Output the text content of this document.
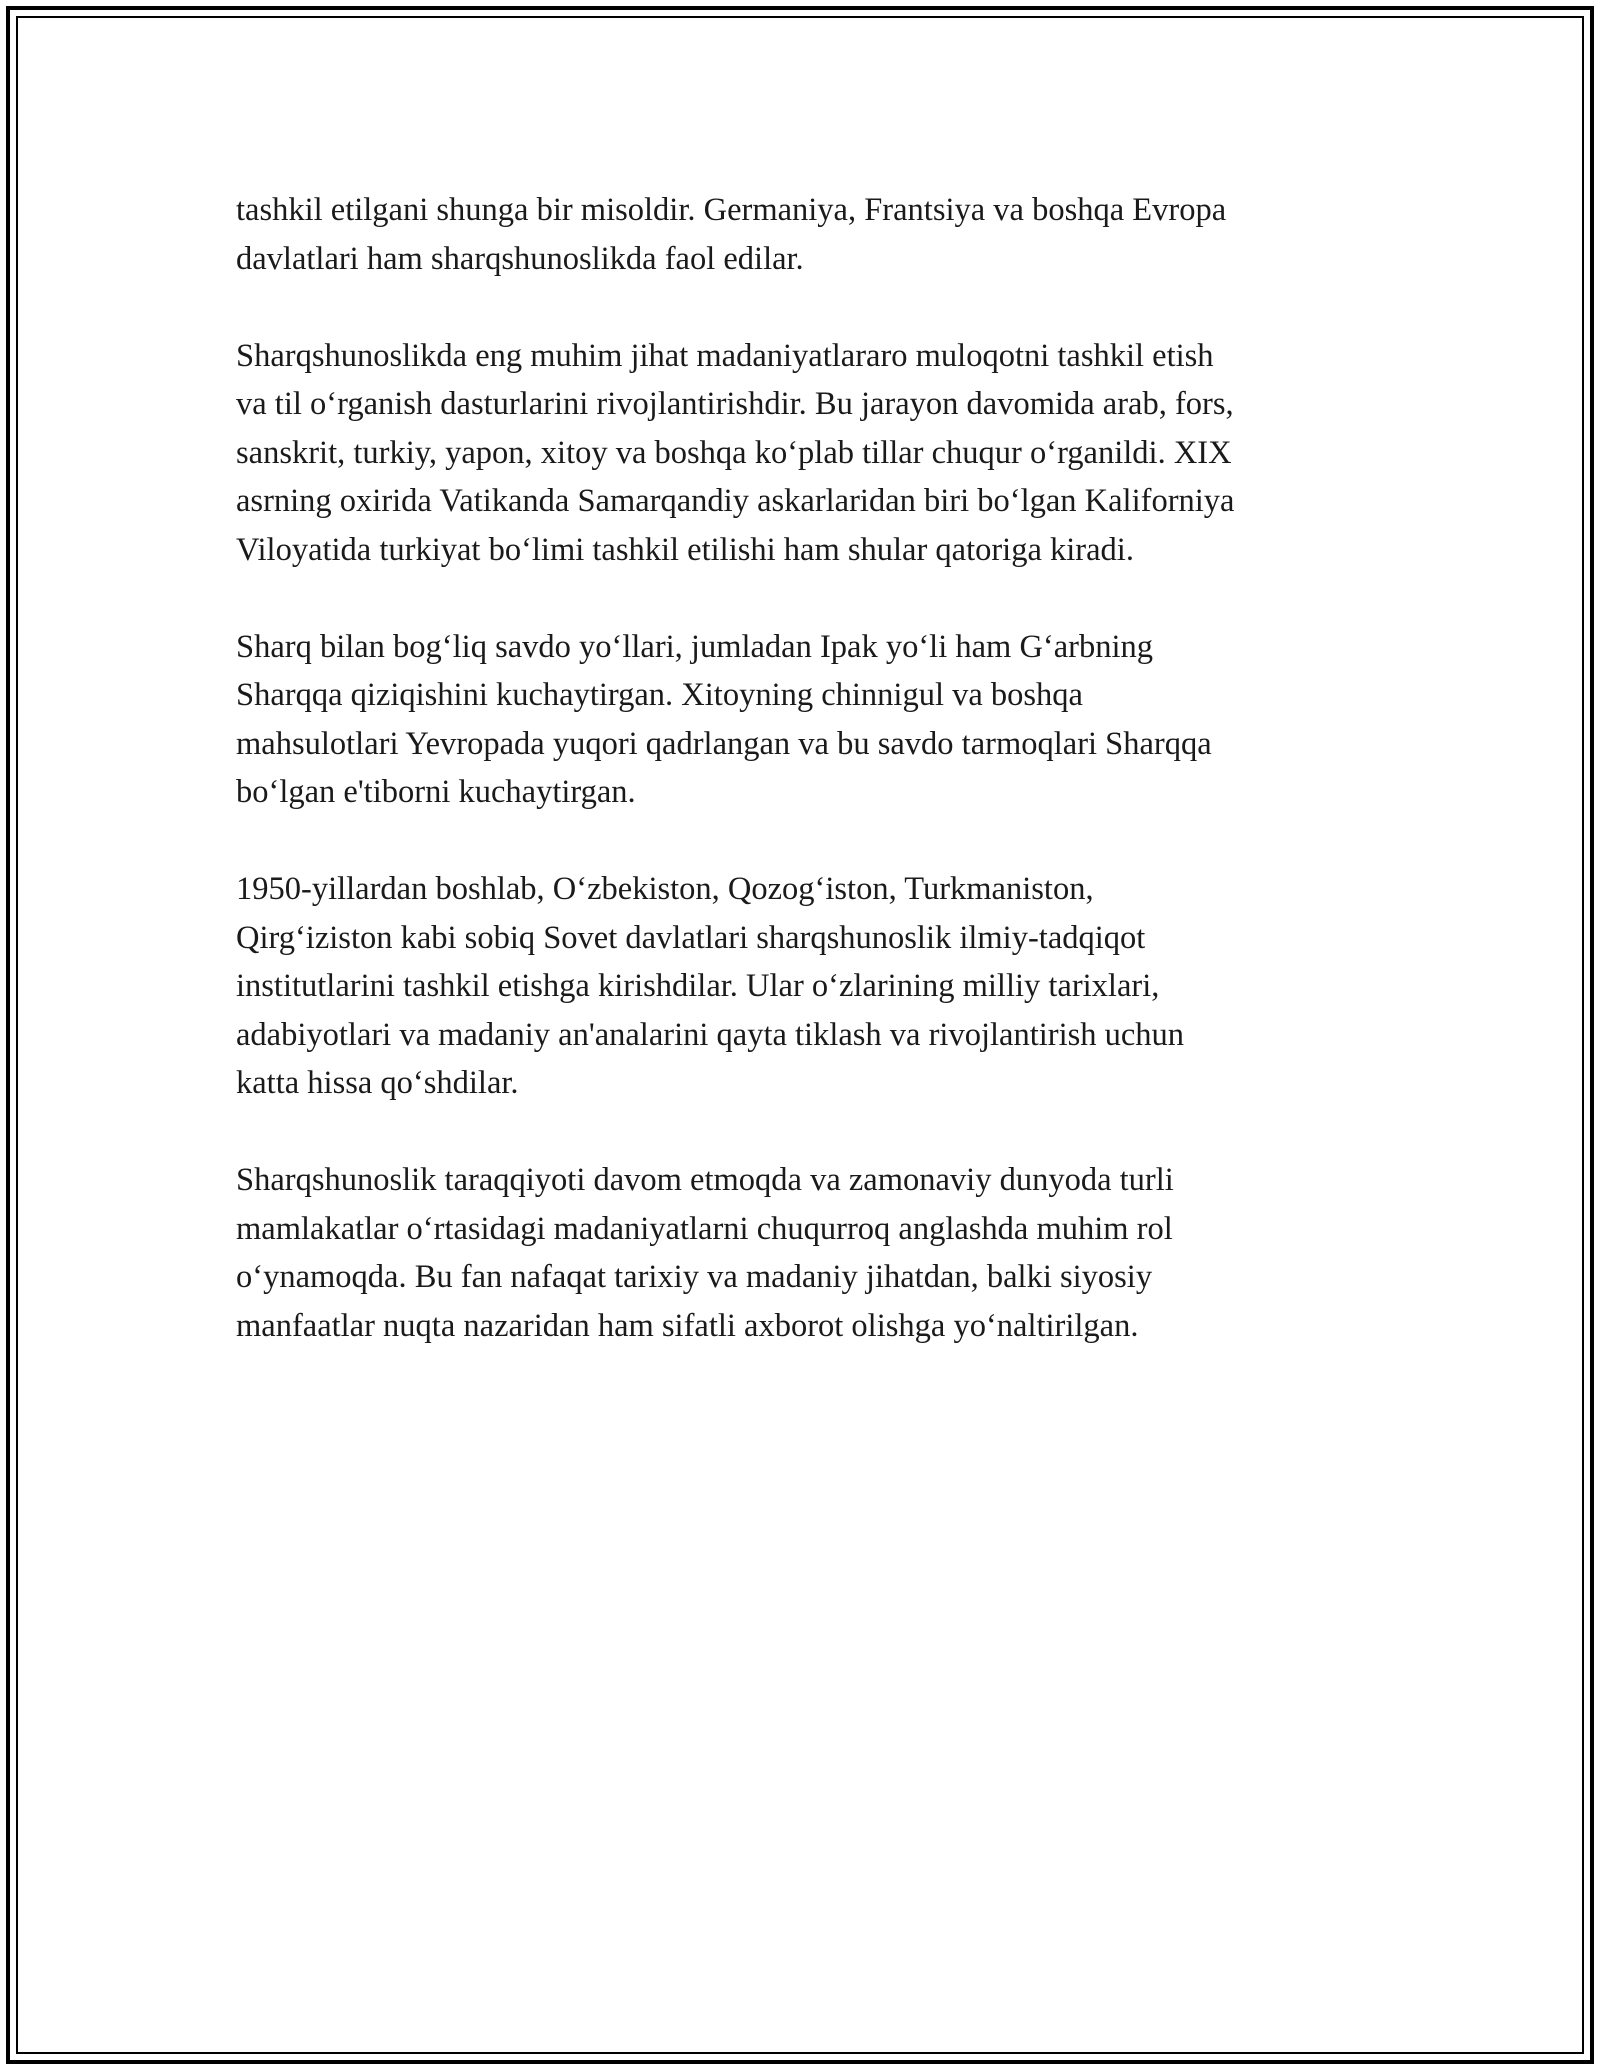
tashkil etilgani shunga bir misoldir. Germaniya, Frantsiya va boshqa Evropa
davlatlari ham sharqshunoslikda faol edilar.

Sharqshunoslikda eng muhim jihat madaniyatlararo muloqotni tashkil etish
va til oʻrganish dasturlarini rivojlantirishdir. Bu jarayon davomida arab, fors,
sanskrit, turkiy, yapon, xitoy va boshqa koʻplab tillar chuqur oʻrganildi. XIX
asrning oxirida Vatikanda Samarqandiy askarlaridan biri boʻlgan Kaliforniya
Viloyatida turkiyat boʻlimi tashkil etilishi ham shular qatoriga kiradi.

Sharq bilan bogʻliq savdo yoʻllari, jumladan Ipak yoʻli ham Gʻarbning
Sharqqa qiziqishini kuchaytirgan. Xitoyning chinnigul va boshqa
mahsulotlari Yevropada yuqori qadrlangan va bu savdo tarmoqlari Sharqqa
boʻlgan e'tiborni kuchaytirgan.

1950-yillardan boshlab, Oʻzbekiston, Qozogʻiston, Turkmaniston,
Qirgʻiziston kabi sobiq Sovet davlatlari sharqshunoslik ilmiy-tadqiqot
institutlarini tashkil etishga kirishdilar. Ular oʻzlarining milliy tarixlari,
adabiyotlari va madaniy an'analarini qayta tiklash va rivojlantirish uchun
katta hissa qoʻshdilar.

Sharqshunoslik taraqqiyoti davom etmoqda va zamonaviy dunyoda turli
mamlakatlar oʻrtasidagi madaniyatlarni chuqurroq anglashda muhim rol
oʻynamoqda. Bu fan nafaqat tarixiy va madaniy jihatdan, balki siyosiy
manfaatlar nuqta nazaridan ham sifatli axborot olishga yoʻnaltirilgan.
